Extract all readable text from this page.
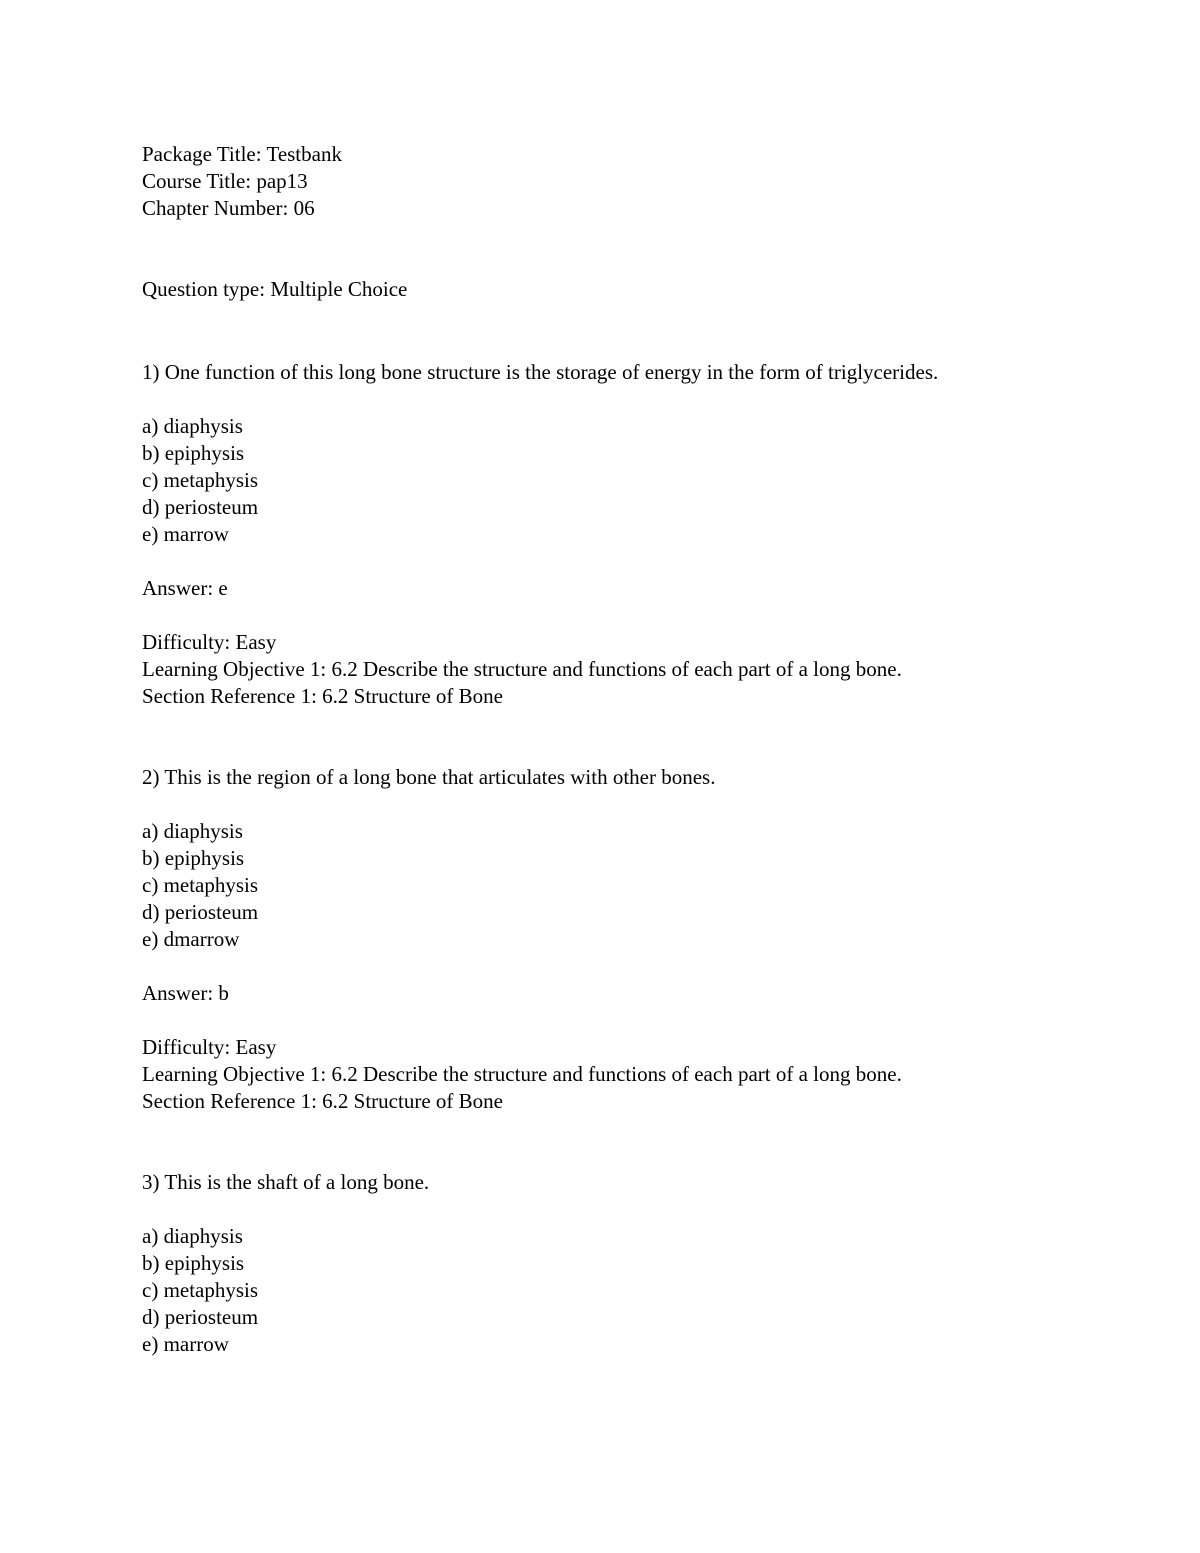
Package Title: Testbank
Course Title: pap13
Chapter Number: 06
Question type: Multiple Choice
1) One function of this long bone structure is the storage of energy in the form of triglycerides.
a) diaphysis
b) epiphysis
c) metaphysis
d) periosteum
e) marrow
Answer: e
Difficulty: Easy
Learning Objective 1: 6.2 Describe the structure and functions of each part of a long bone.
Section Reference 1: 6.2 Structure of Bone
2) This is the region of a long bone that articulates with other bones.
a) diaphysis
b) epiphysis
c) metaphysis
d) periosteum
e) dmarrow
Answer: b
Difficulty: Easy
Learning Objective 1: 6.2 Describe the structure and functions of each part of a long bone.
Section Reference 1: 6.2 Structure of Bone
3) This is the shaft of a long bone.
a) diaphysis
b) epiphysis
c) metaphysis
d) periosteum
e) marrow
